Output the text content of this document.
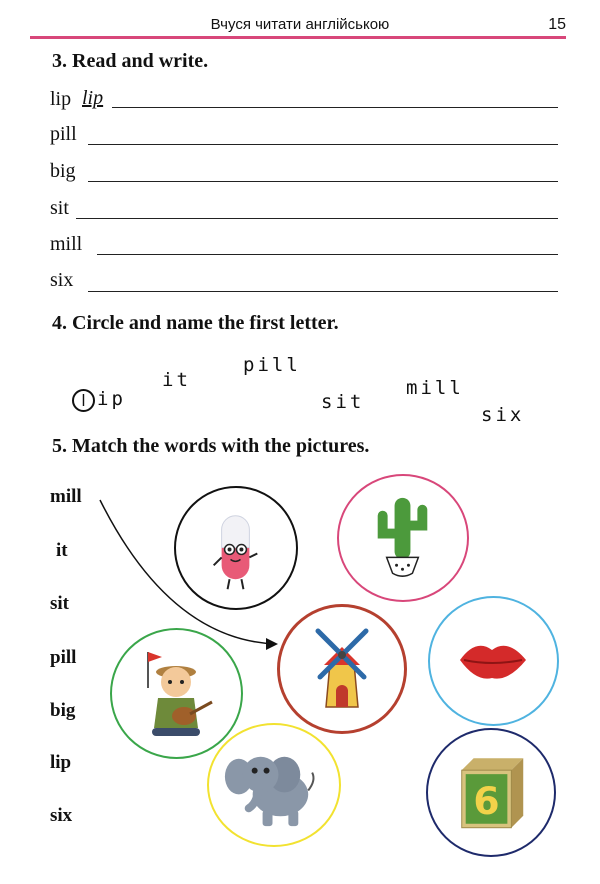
Вчуся читати англійською	15
3. Read and write.
lip lip
pill
big
sit
mill
six
4. Circle and name the first letter.
l ip
it
pill
sit
mill
six
5. Match the words with the pictures.
mill
it
sit
pill
big
lip
six	6
